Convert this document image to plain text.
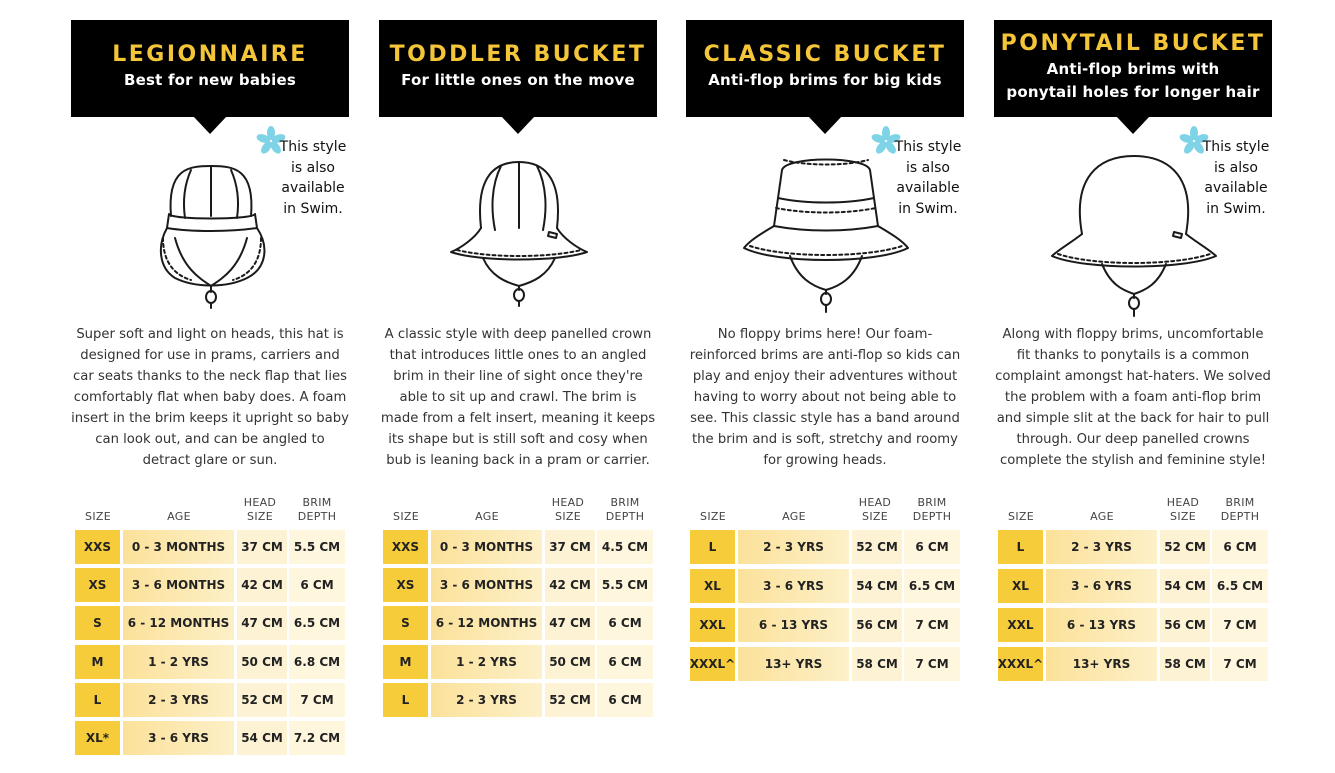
LEGIONNAIRE
Best for new babies
This style is also available in Swim.
Super soft and light on heads, this hat is designed for use in prams, carriers and car seats thanks to the neck flap that lies comfortably flat when baby does. A foam insert in the brim keeps it upright so baby can look out, and can be angled to detract glare or sun.
SIZE	AGE
HEAD SIZE
BRIM DEPTH
XXS	0 - 3 MONTHS	37 CM 5.5 CM
XS	3 - 6 MONTHS	42 CM	6 CM
S	6 - 12 MONTHS 47 CM 6.5 CM
M	1 - 2 YRS	50 CM 6.8 CM
L	2 - 3 YRS	52 CM	7 CM
XL*	3 - 6 YRS	54 CM 7.2 CM
TODDLER BUCKET
For little ones on the move
A classic style with deep panelled crown that introduces little ones to an angled brim in their line of sight once they're able to sit up and crawl. The brim is made from a felt insert, meaning it keeps its shape but is still soft and cosy when bub is leaning back in a pram or carrier.
SIZE	AGE
HEAD SIZE
BRIM DEPTH
XXS	0 - 3 MONTHS	37 CM 4.5 CM
XS	3 - 6 MONTHS	42 CM 5.5 CM
S	6 - 12 MONTHS 47 CM	6 CM
M	1 - 2 YRS	50 CM	6 CM
L	2 - 3 YRS	52 CM	6 CM
CLASSIC BUCKET
Anti-flop brims for big kids
This style is also available in Swim.
No floppy brims here! Our foam-reinforced brims are anti-flop so kids can play and enjoy their adventures without having to worry about not being able to see. This classic style has a band around the brim and is soft, stretchy and roomy for growing heads.
SIZE	AGE
HEAD SIZE
BRIM DEPTH
L	2 - 3 YRS	52 CM	6 CM
XL	3 - 6 YRS	54 CM 6.5 CM
XXL	6 - 13 YRS	56 CM	7 CM
XXXL^	13+ YRS	58 CM	7 CM
PONYTAIL BUCKET
Anti-flop brims with
ponytail holes for longer hair
This style is also available in Swim.
Along with floppy brims, uncomfortable fit thanks to ponytails is a common complaint amongst hat-haters. We solved the problem with a foam anti-flop brim and simple slit at the back for hair to pull through. Our deep panelled crowns complete the stylish and feminine style!
SIZE	AGE
HEAD SIZE
BRIM DEPTH
L	2 - 3 YRS	52 CM	6 CM
XL	3 - 6 YRS	54 CM 6.5 CM
XXL	6 - 13 YRS	56 CM	7 CM
XXXL^	13+ YRS	58 CM	7 CM
